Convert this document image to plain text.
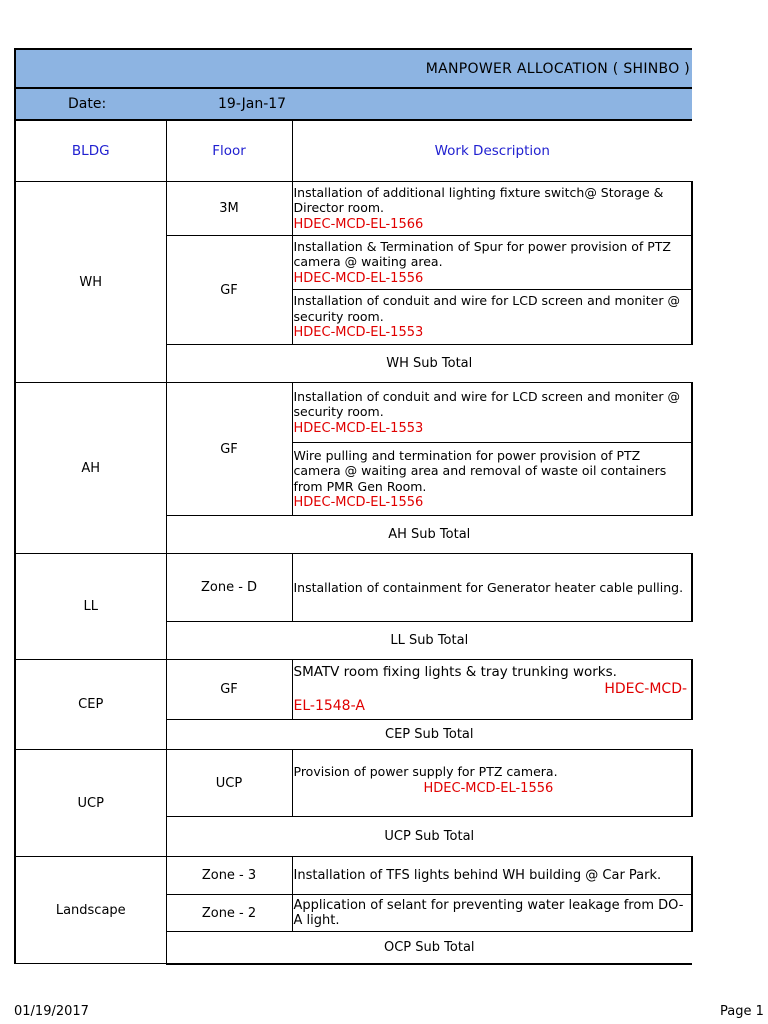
MANPOWER ALLOCATION ( SHINBO )		
Date: 19-Jan-17		
BLDG	Floor	Work Description
WH	3M	Installation of additional lighting fixture switch@ Storage & Director room.
HDEC-MCD-EL-1566
	GF	Installation & Termination of Spur for power provision of PTZ camera @ waiting area.
HDEC-MCD-EL-1556
		Installation of conduit and wire for LCD screen and moniter @ security room.
HDEC-MCD-EL-1553
	WH Sub Total	
AH	GF	Installation of conduit and wire for LCD screen and moniter @ security room.
HDEC-MCD-EL-1553
		Wire pulling and termination for power provision of PTZ camera @ waiting area and removal of waste oil containers from PMR Gen Room.
HDEC-MCD-EL-1556
	AH Sub Total	
LL	Zone - D	Installation of containment for Generator heater cable pulling.
	LL Sub Total	
CEP	GF	SMATV room fixing lights & tray trunking works.
HDEC-MCD-
EL-1548-A
	CEP Sub Total	
UCP	UCP	Provision of power supply for PTZ camera.
HDEC-MCD-EL-1556
	UCP Sub Total	
Landscape	Zone - 3	Installation of TFS lights behind WH building @ Car Park.
	Zone - 2	Application of selant for preventing water leakage from DO-A light.
	OCP Sub Total	
01/19/2017	Page 1
